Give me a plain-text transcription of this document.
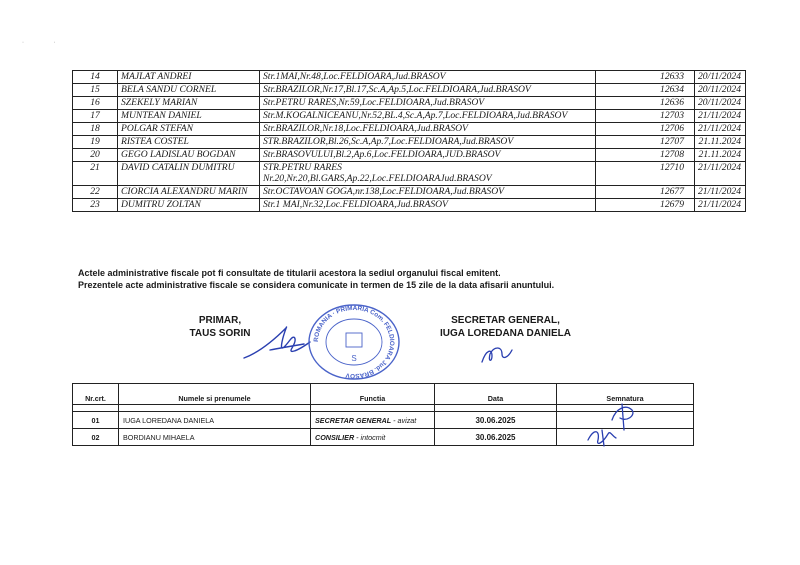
· ·
14	MAJLAT ANDREI	Str.1MAI,Nr.48,Loc.FELDIOARA,Jud.BRASOV	12633	20/11/2024
15	BELA SANDU CORNEL	Str.BRAZILOR,Nr.17,Bl.17,Sc.A,Ap.5,Loc.FELDIOARA,Jud.BRASOV	12634	20/11/2024
16	SZEKELY MARIAN	Str.PETRU RARES,Nr.59,Loc.FELDIOARA,Jud.BRASOV	12636	20/11/2024
17	MUNTEAN DANIEL	Str.M.KOGALNICEANU,Nr.52,BL.4,Sc.A,Ap.7,Loc.FELDIOARA,Jud.BRASOV	12703	21/11/2024
18	POLGAR STEFAN	Str.BRAZILOR,Nr.18,Loc.FELDIOARA,Jud.BRASOV	12706	21/11/2024
19	RISTEA COSTEL	STR.BRAZILOR,Bl.26,Sc.A,Ap.7,Loc.FELDIOARA,Jud.BRASOV	12707	21.11.2024
20	GEGO LADISLAU BOGDAN	Str.BRASOVULUI,Bl.2,Ap.6,Loc.FELDIOARA,JUD.BRASOV	12708	21.11.2024
21	DAVID CATALIN DUMITRU	STR.PETRU RARES
Nr.20,Nr.20,Bl.GARS,Ap.22,Loc.FELDIOARAJud.BRASOV	12710	21/11/2024
22	CIORCIA ALEXANDRU MARIN	Str.OCTAVOAN GOGA,nr.138,Loc.FELDIOARA,Jud.BRASOV	12677	21/11/2024
23	DUMITRU ZOLTAN	Str.1 MAI,Nr.32,Loc.FELDIOARA,Jud.BRASOV	12679	21/11/2024
Actele administrative fiscale pot fi consultate de titularii acestora la sediul organului fiscal emitent.
Prezentele acte administrative fiscale se considera comunicate in termen de 15 zile de la data afisarii anuntului.
PRIMAR,
TAUS SORIN
ROMANIA · PRIMARIA Com. FELDIOARA Jud. BRASOV
S
SECRETAR GENERAL,
IUGA LOREDANA DANIELA
Nr.crt.	Numele si prenumele	Functia	Data	Semnatura

01	IUGA LOREDANA DANIELA	SECRETAR GENERAL - avizat	30.06.2025	
02	BORDIANU MIHAELA	CONSILIER - intocmit	30.06.2025	
